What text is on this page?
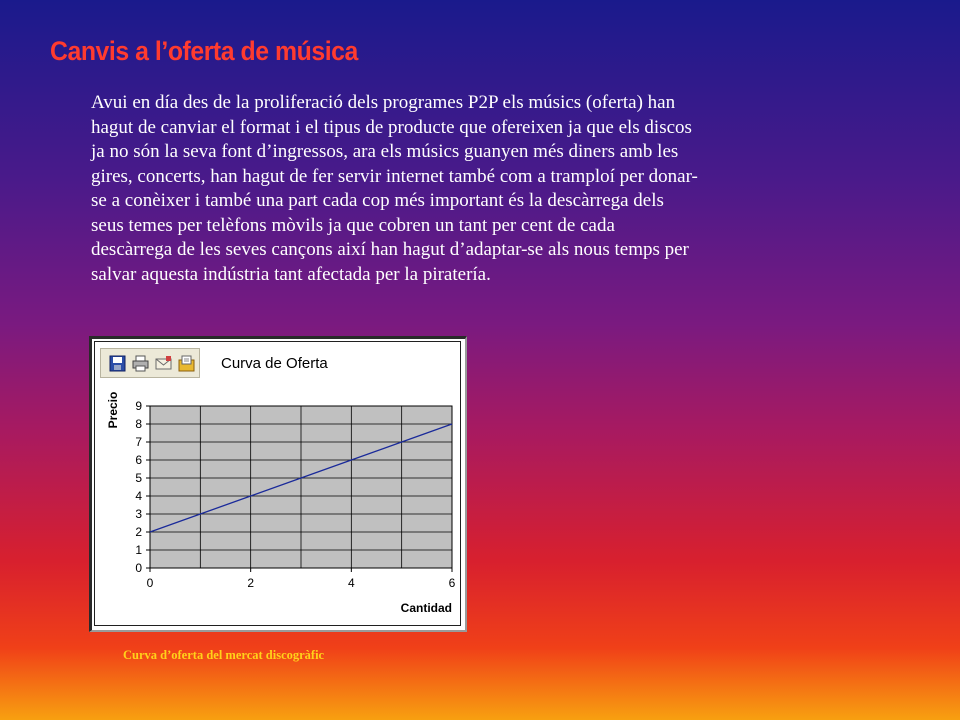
Canvis a l’oferta de música
Avui en día des de la proliferació dels programes P2P els músics (oferta) han
hagut de canviar el format i el tipus de producte que ofereixen ja que els discos
ja no són la seva font d’ingressos, ara els músics guanyen més diners amb les
gires, concerts, han hagut de fer servir internet també com a tramploí per donar-
se a conèixer i també una part cada cop més important és la descàrrega dels
seus temes per telèfons mòvils ja que cobren un tant per cent de cada
descàrrega de les seves cançons així han hagut d’adaptar-se als nous temps per
salvar aquesta indústria tant afectada per la piratería.
Curva de Oferta
0
1
2
3
4
5
6
7
8
9
0	2	4	6
Cantidad
Precio

Curva d’oferta del mercat discogràfic
